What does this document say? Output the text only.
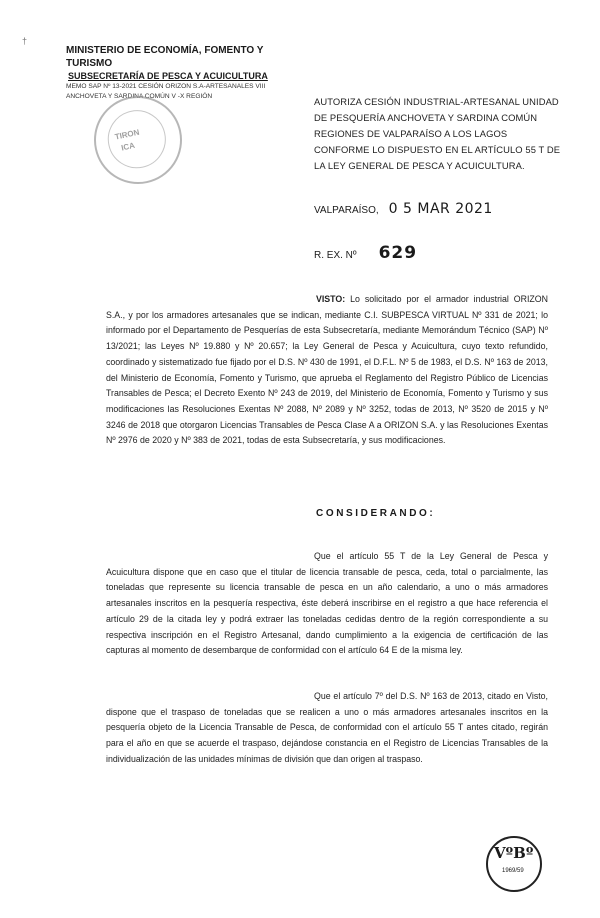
†
MINISTERIO DE ECONOMÍA, FOMENTO Y TURISMO
SUBSECRETARÍA DE PESCA Y ACUICULTURA
MEMO SAP Nº 13-2021 CESIÓN ORIZON S.A-ARTESANALES VIII
ANCHOVETA Y SARDINA COMÚN V -X REGIÓN
TIRON
ICA
AUTORIZA CESIÓN INDUSTRIAL-ARTESANAL UNIDAD DE PESQUERÍA ANCHOVETA Y SARDINA COMÚN REGIONES DE VALPARAÍSO A LOS LAGOS CONFORME LO DISPUESTO EN EL ARTÍCULO 55 T DE LA LEY GENERAL DE PESCA Y ACUICULTURA.
VALPARAÍSO, 0 5 MAR 2021
R. EX. Nº 629
VISTO: Lo solicitado por el armador industrial ORIZON S.A., y por los armadores artesanales que se indican, mediante C.I. SUBPESCA VIRTUAL Nº 331 de 2021; lo informado por el Departamento de Pesquerías de esta Subsecretaría, mediante Memorándum Técnico (SAP) Nº 13/2021; las Leyes Nº 19.880 y Nº 20.657; la Ley General de Pesca y Acuicultura, cuyo texto refundido, coordinado y sistematizado fue fijado por el D.S. Nº 430 de 1991, el D.F.L. Nº 5 de 1983, el D.S. Nº 163 de 2013, del Ministerio de Economía, Fomento y Turismo, que aprueba el Reglamento del Registro Público de Licencias Transables de Pesca; el Decreto Exento Nº 243 de 2019, del Ministerio de Economía, Fomento y Turismo y sus modificaciones las Resoluciones Exentas Nº 2088, Nº 2089 y Nº 3252, todas de 2013, Nº 3520 de 2015 y Nº 3246 de 2018 que otorgaron Licencias Transables de Pesca Clase A a ORIZON S.A. y las Resoluciones Exentas Nº 2976 de 2020 y Nº 383 de 2021, todas de esta Subsecretaría, y sus modificaciones.
CONSIDERANDO:
Que el artículo 55 T de la Ley General de Pesca y Acuicultura dispone que en caso que el titular de licencia transable de pesca, ceda, total o parcialmente, las toneladas que represente su licencia transable de pesca en un año calendario, a uno o más armadores artesanales inscritos en la pesquería respectiva, éste deberá inscribirse en el registro a que hace referencia el artículo 29 de la citada ley y podrá extraer las toneladas cedidas dentro de la región correspondiente a su respectiva inscripción en el Registro Artesanal, dando cumplimiento a la exigencia de certificación de las capturas al momento de desembarque de conformidad con el artículo 64 E de la misma ley.
Que el artículo 7º del D.S. Nº 163 de 2013, citado en Visto, dispone que el traspaso de toneladas que se realicen a uno o más armadores artesanales inscritos en la pesquería objeto de la Licencia Transable de Pesca, de conformidad con el artículo 55 T antes citado, regirán para el año en que se acuerde el traspaso, dejándose constancia en el Registro de Licencias Transables de la individualización de las unidades mínimas de división que dan origen al traspaso.
VºBº
1969/59
